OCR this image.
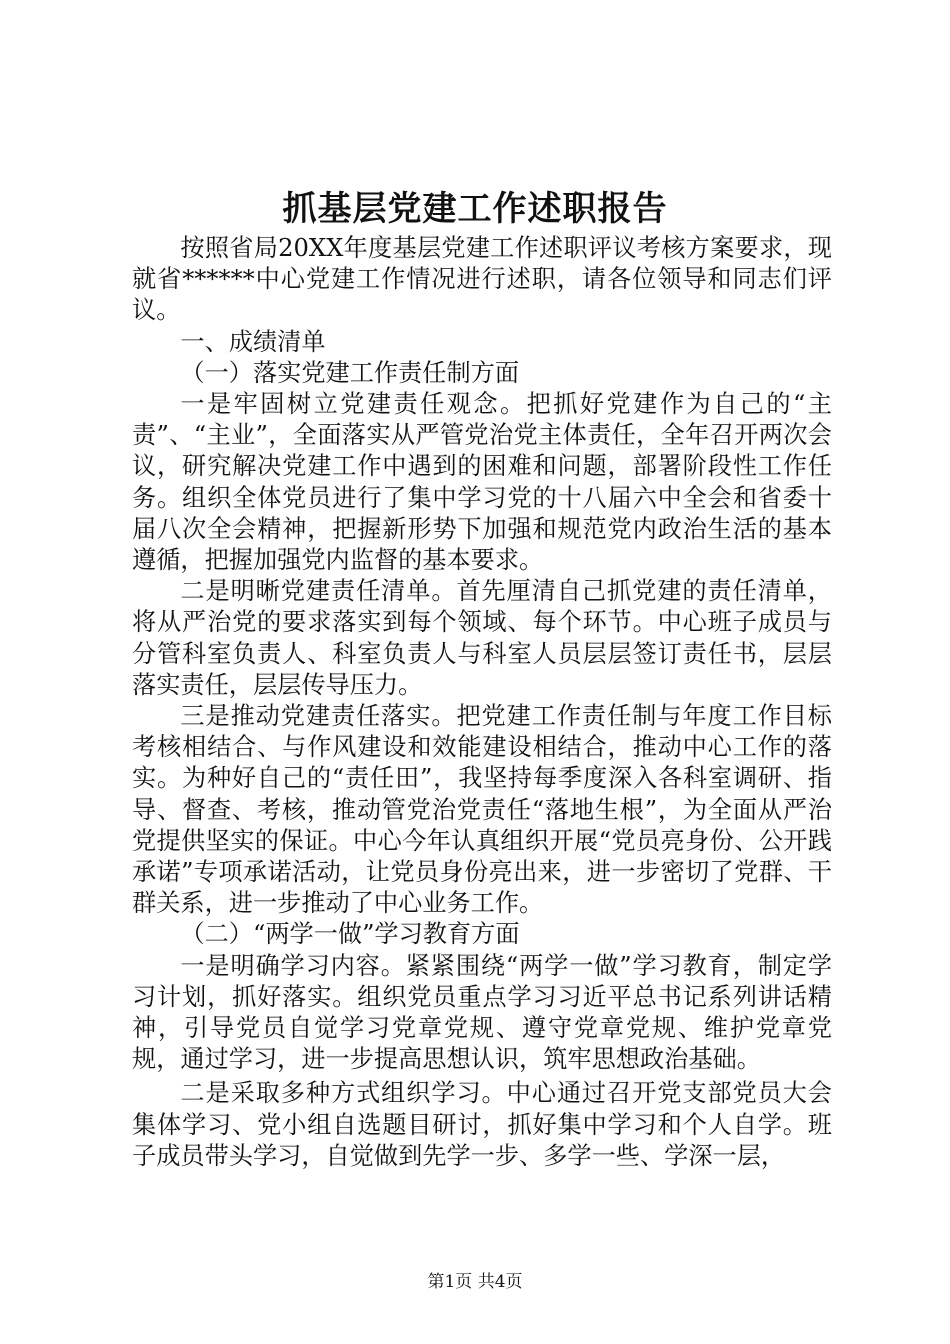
抓基层党建工作述职报告

按照省局20XX年度基层党建工作述职评议考核方案要求，现就省******中心党建工作情况进行述职，请各位领导和同志们评议。

一、成绩清单

（一）落实党建工作责任制方面

一是牢固树立党建责任观念。把抓好党建作为自己的“主责”、“主业”，全面落实从严管党治党主体责任，全年召开两次会议，研究解决党建工作中遇到的困难和问题，部署阶段性工作任务。组织全体党员进行了集中学习党的十八届六中全会和省委十届八次全会精神，把握新形势下加强和规范党内政治生活的基本遵循，把握加强党内监督的基本要求。

二是明晰党建责任清单。首先厘清自己抓党建的责任清单，将从严治党的要求落实到每个领域、每个环节。中心班子成员与分管科室负责人、科室负责人与科室人员层层签订责任书，层层落实责任，层层传导压力。

三是推动党建责任落实。把党建工作责任制与年度工作目标考核相结合、与作风建设和效能建设相结合，推动中心工作的落实。为种好自己的“责任田”，我坚持每季度深入各科室调研、指导、督查、考核，推动管党治党责任“落地生根”，为全面从严治党提供坚实的保证。中心今年认真组织开展“党员亮身份、公开践承诺”专项承诺活动，让党员身份亮出来，进一步密切了党群、干群关系，进一步推动了中心业务工作。

（二）“两学一做”学习教育方面

一是明确学习内容。紧紧围绕“两学一做”学习教育，制定学习计划，抓好落实。组织党员重点学习习近平总书记系列讲话精神，引导党员自觉学习党章党规、遵守党章党规、维护党章党规，通过学习，进一步提高思想认识，筑牢思想政治基础。

二是采取多种方式组织学习。中心通过召开党支部党员大会集体学习、党小组自选题目研讨，抓好集中学习和个人自学。班子成员带头学习，自觉做到先学一步、多学一些、学深一层，

第1页 共4页
